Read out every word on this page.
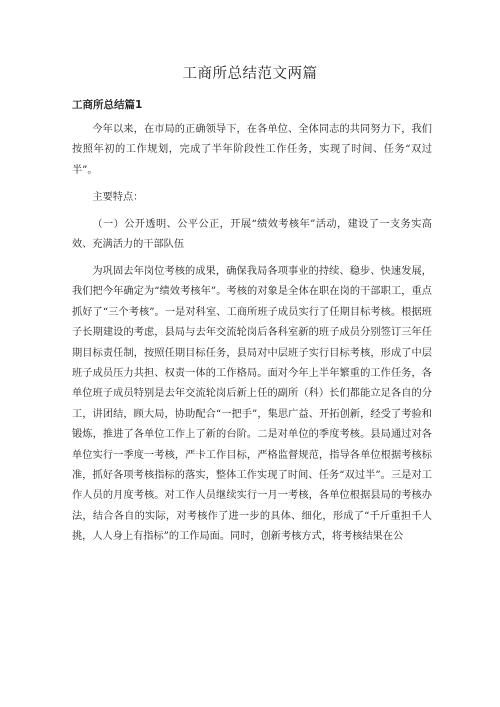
工商所总结范文两篇
工商所总结篇1

今年以来，在市局的正确领导下，在各单位、全体同志的共同努力下，我们按照年初的工作规划，完成了半年阶段性工作任务，实现了时间、任务“双过半”。

主要特点：

（一）公开透明、公平公正，开展“绩效考核年”活动，建设了一支务实高效、充满活力的干部队伍

为巩固去年岗位考核的成果，确保我局各项事业的持续、稳步、快速发展，我们把今年确定为“绩效考核年”。考核的对象是全体在职在岗的干部职工，重点抓好了“三个考核”。一是对科室、工商所班子成员实行了任期目标考核。根据班子长期建设的考虑，县局与去年交流轮岗后各科室新的班子成员分别签订三年任期目标责任制，按照任期目标任务，县局对中层班子实行目标考核，形成了中层班子成员压力共担、权责一体的工作格局。面对今年上半年繁重的工作任务，各单位班子成员特别是去年交流轮岗后新上任的副所（科）长们都能立足各自的分工，讲团结，顾大局，协助配合“一把手”，集思广益、开拓创新，经受了考验和锻炼，推进了各单位工作上了新的台阶。二是对单位的季度考核。县局通过对各单位实行一季度一考核，严卡工作目标，严格监督规范，指导各单位根据考核标准，抓好各项考核指标的落实，整体工作实现了时间、任务“双过半”。三是对工作人员的月度考核。对工作人员继续实行一月一考核，各单位根据县局的考核办法，结合各自的实际，对考核作了进一步的具体、细化，形成了“千斤重担千人挑，人人身上有指标”的工作局面。同时，创新考核方式，将考核结果在公
